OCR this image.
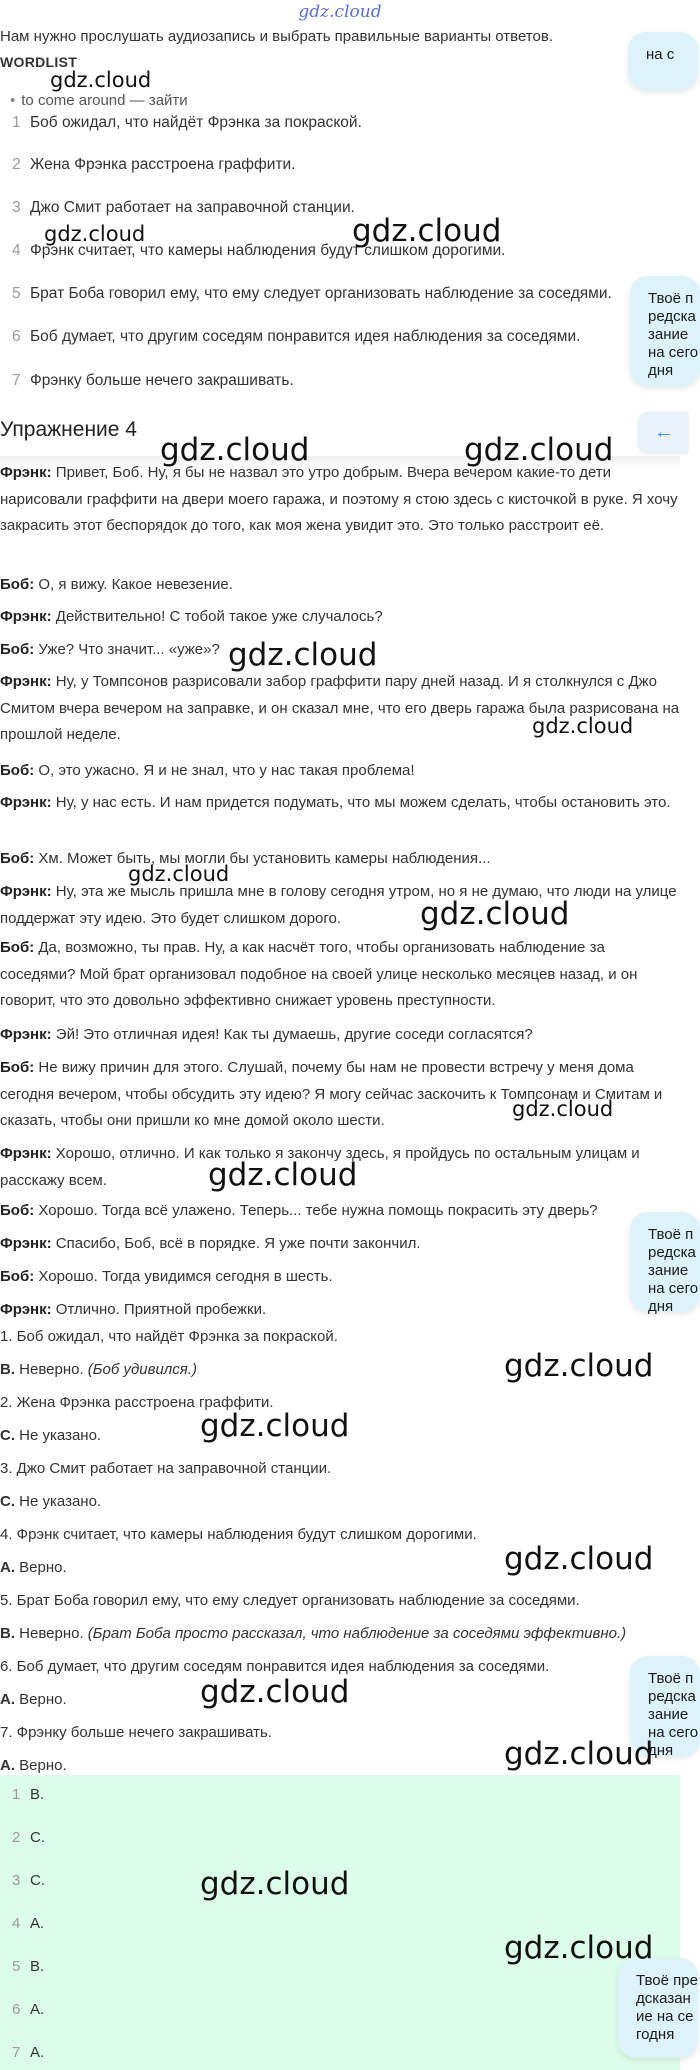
gdz.cloud
Нам нужно прослушать аудиозапись и выбрать правильные варианты ответов.
WORDLIST
• to come around — зайти
1 Боб ожидал, что найдёт Фрэнка за покраской.
2 Жена Фрэнка расстроена граффити.
3 Джо Смит работает на заправочной станции.
4 Фрэнк считает, что камеры наблюдения будут слишком дорогими.
5 Брат Боба говорил ему, что ему следует организовать наблюдение за соседями.
6 Боб думает, что другим соседям понравится идея наблюдения за соседями.
7 Фрэнку больше нечего закрашивать.
Упражнение 4	←
Фрэнк: Привет, Боб. Ну, я бы не назвал это утро добрым. Вчера вечером какие-то дети нарисовали граффити на двери моего гаража, и поэтому я стою здесь с кисточкой в руке. Я хочу закрасить этот беспорядок до того, как моя жена увидит это. Это только расстроит её.
Боб: О, я вижу. Какое невезение.
Фрэнк: Действительно! С тобой такое уже случалось?
Боб: Уже? Что значит... «уже»?
Фрэнк: Ну, у Томпсонов разрисовали забор граффити пару дней назад. И я столкнулся с Джо Смитом вчера вечером на заправке, и он сказал мне, что его дверь гаража была разрисована на прошлой неделе.
Боб: О, это ужасно. Я и не знал, что у нас такая проблема!
Фрэнк: Ну, у нас есть. И нам придется подумать, что мы можем сделать, чтобы остановить это.
Боб: Хм. Может быть, мы могли бы установить камеры наблюдения...
Фрэнк: Ну, эта же мысль пришла мне в голову сегодня утром, но я не думаю, что люди на улице поддержат эту идею. Это будет слишком дорого.
Боб: Да, возможно, ты прав. Ну, а как насчёт того, чтобы организовать наблюдение за соседями? Мой брат организовал подобное на своей улице несколько месяцев назад, и он говорит, что это довольно эффективно снижает уровень преступности.
Фрэнк: Эй! Это отличная идея! Как ты думаешь, другие соседи согласятся?
Боб: Не вижу причин для этого. Слушай, почему бы нам не провести встречу у меня дома сегодня вечером, чтобы обсудить эту идею? Я могу сейчас заскочить к Томпсонам и Смитам и сказать, чтобы они пришли ко мне домой около шести.
Фрэнк: Хорошо, отлично. И как только я закончу здесь, я пройдусь по остальным улицам и расскажу всем.
Боб: Хорошо. Тогда всё улажено. Теперь... тебе нужна помощь покрасить эту дверь?
Фрэнк: Спасибо, Боб, всё в порядке. Я уже почти закончил.
Боб: Хорошо. Тогда увидимся сегодня в шесть.
Фрэнк: Отлично. Приятной пробежки.
1. Боб ожидал, что найдёт Фрэнка за покраской.
B. Неверно. (Боб удивился.)
2. Жена Фрэнка расстроена граффити.
C. Не указано.
3. Джо Смит работает на заправочной станции.
C. Не указано.
4. Фрэнк считает, что камеры наблюдения будут слишком дорогими.
A. Верно.
5. Брат Боба говорил ему, что ему следует организовать наблюдение за соседями.
B. Неверно. (Брат Боба просто рассказал, что наблюдение за соседями эффективно.)
6. Боб думает, что другим соседям понравится идея наблюдения за соседями.
A. Верно.
7. Фрэнку больше нечего закрашивать.
A. Верно.
1 B.
2 C.
3 C.
4 A.
5 B.
6 A.
7 A.
на с
Твоё предсказание на сегодня
Твоё предсказание на сегодня
Твоё предсказание на сегодня
Твоё предсказание на сегодня
gdz.cloud
gdz.cloud	gdz.cloud
gdz.cloud	gdz.cloud
gdz.cloud
gdz.cloud
gdz.cloud
gdz.cloud
gdz.cloud
gdz.cloud
gdz.cloud
gdz.cloud
gdz.cloud
gdz.cloud
gdz.cloud
gdz.cloud
gdz.cloud
